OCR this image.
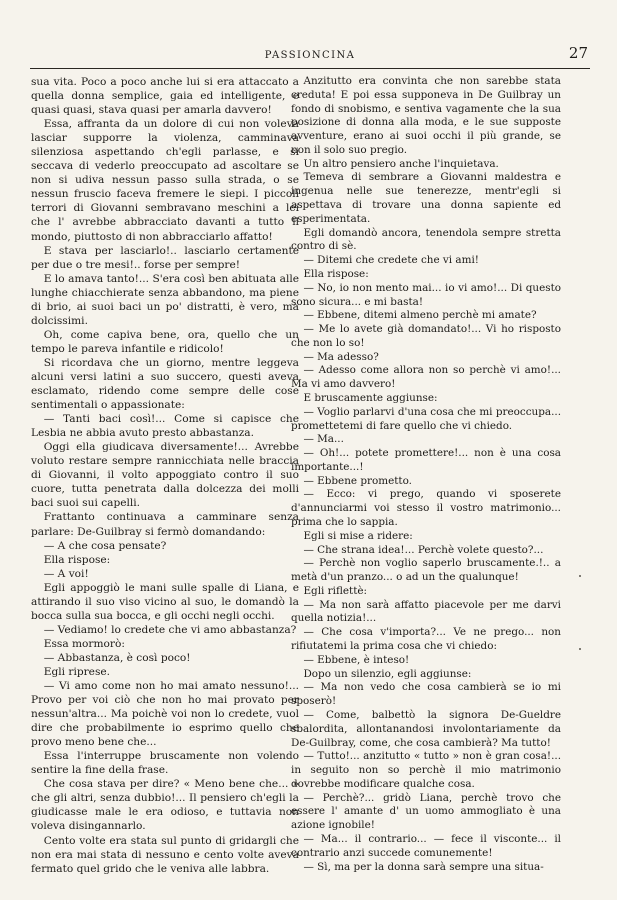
PASSIONCINA	27

sua vita. Poco a poco anche lui si era attaccato a quella donna semplice, gaia ed intelligente, e quasi quasi, stava quasi per amarla davvero!

Essa, affranta da un dolore di cui non voleva lasciar supporre la violenza, camminava silenziosa aspettando ch'egli parlasse, e si seccava di vederlo preoccupato ad ascoltare se non si udiva nessun passo sulla strada, o se nessun fruscio faceva fremere le siepi. I piccoli terrori di Giovanni sembravano meschini a lei che l' avrebbe abbracciato davanti a tutto il mondo, piuttosto di non abbracciarlo affatto!

E stava per lasciarlo!.. lasciarlo certamente per due o tre mesi!.. forse per sempre!

E lo amava tanto!... S'era così ben abituata alle lunghe chiacchierate senza abbandono, ma piene di brio, ai suoi baci un po' distratti, è vero, ma dolcissimi.

Oh, come capiva bene, ora, quello che un tempo le pareva infantile e ridicolo!

Si ricordava che un giorno, mentre leggeva alcuni versi latini a suo succero, questi aveva esclamato, ridendo come sempre delle cose sentimentali o appassionate:

— Tanti baci così!... Come si capisce che Lesbia ne abbia avuto presto abbastanza.

Oggi ella giudicava diversamente!... Avrebbe voluto restare sempre rannicchiata nelle braccia di Giovanni, il volto appoggiato contro il suo cuore, tutta penetrata dalla dolcezza dei molli baci suoi sui capelli.

Frattanto continuava a camminare senza parlare: De-Guilbray si fermò domandando:

— A che cosa pensate?

Ella rispose:

— A voi!

Egli appoggiò le mani sulle spalle di Liana, e attirando il suo viso vicino al suo, le domandò la bocca sulla sua bocca, e gli occhi negli occhi.

— Vediamo! lo credete che vi amo abbastanza?

Essa mormorò:

— Abbastanza, è così poco!

Egli riprese.

— Vi amo come non ho mai amato nessuno!... Provo per voi ciò che non ho mai provato per nessun'altra... Ma poichè voi non lo credete, vuol dire che probabilmente io esprimo quello che provo meno bene che...

Essa l'interruppe bruscamente non volendo sentire la fine della frase.

Che cosa stava per dire? « Meno bene che... » che gli altri, senza dubbio!... Il pensiero ch'egli la giudicasse male le era odioso, e tuttavia non voleva disingannarlo.

Cento volte era stata sul punto di gridargli che non era mai stata di nessuno e cento volte aveva fermato quel grido che le veniva alle labbra.

Anzitutto era convinta che non sarebbe stata creduta! E poi essa supponeva in De Guilbray un fondo di snobismo, e sentiva vagamente che la sua posizione di donna alla moda, e le sue supposte avventure, erano ai suoi occhi il più grande, se non il solo suo pregio.

Un altro pensiero anche l'inquietava.

Temeva di sembrare a Giovanni maldestra e ingenua nelle sue tenerezze, mentr'egli si aspettava di trovare una donna sapiente ed esperimentata.

Egli domandò ancora, tenendola sempre stretta contro di sè.

— Ditemi che credete che vi ami!

Ella rispose:

— No, io non mento mai... io vi amo!... Di questo sono sicura... e mi basta!

— Ebbene, ditemi almeno perchè mi amate?

— Me lo avete già domandato!... Vi ho risposto che non lo so!

— Ma adesso?

— Adesso come allora non so perchè vi amo!... Ma vi amo davvero!

E bruscamente aggiunse:

— Voglio parlarvi d'una cosa che mi preoccupa... promettetemi di fare quello che vi chiedo.

— Ma...

— Oh!... potete promettere!... non è una cosa importante...!

— Ebbene prometto.

— Ecco: vi prego, quando vi sposerete d'annunciarmi voi stesso il vostro matrimonio... prima che lo sappia.

Egli si mise a ridere:

— Che strana idea!... Perchè volete questo?...

— Perchè non voglio saperlo bruscamente.!.. a metà d'un pranzo... o ad un the qualunque!

Egli riflettè:

— Ma non sarà affatto piacevole per me darvi quella notizia!...

— Che cosa v'importa?... Ve ne prego... non rifiutatemi la prima cosa che vi chiedo:

— Ebbene, è inteso!

Dopo un silenzio, egli aggiunse:

— Ma non vedo che cosa cambierà se io mi sposerò!

— Come, balbettò la signora De-Gueldre sbalordita, allontanandosi involontariamente da De-Guilbray, come, che cosa cambierà? Ma tutto!

— Tutto!... anzitutto « tutto » non è gran cosa!... in seguito non so perchè il mio matrimonio dovrebbe modificare qualche cosa.

— Perchè?... gridò Liana, perchè trovo che essere l' amante d' un uomo ammogliato è una azione ignobile!

— Ma... il contrario... — fece il visconte... il contrario anzi succede comunemente!

— Sì, ma per la donna sarà sempre una situa-
